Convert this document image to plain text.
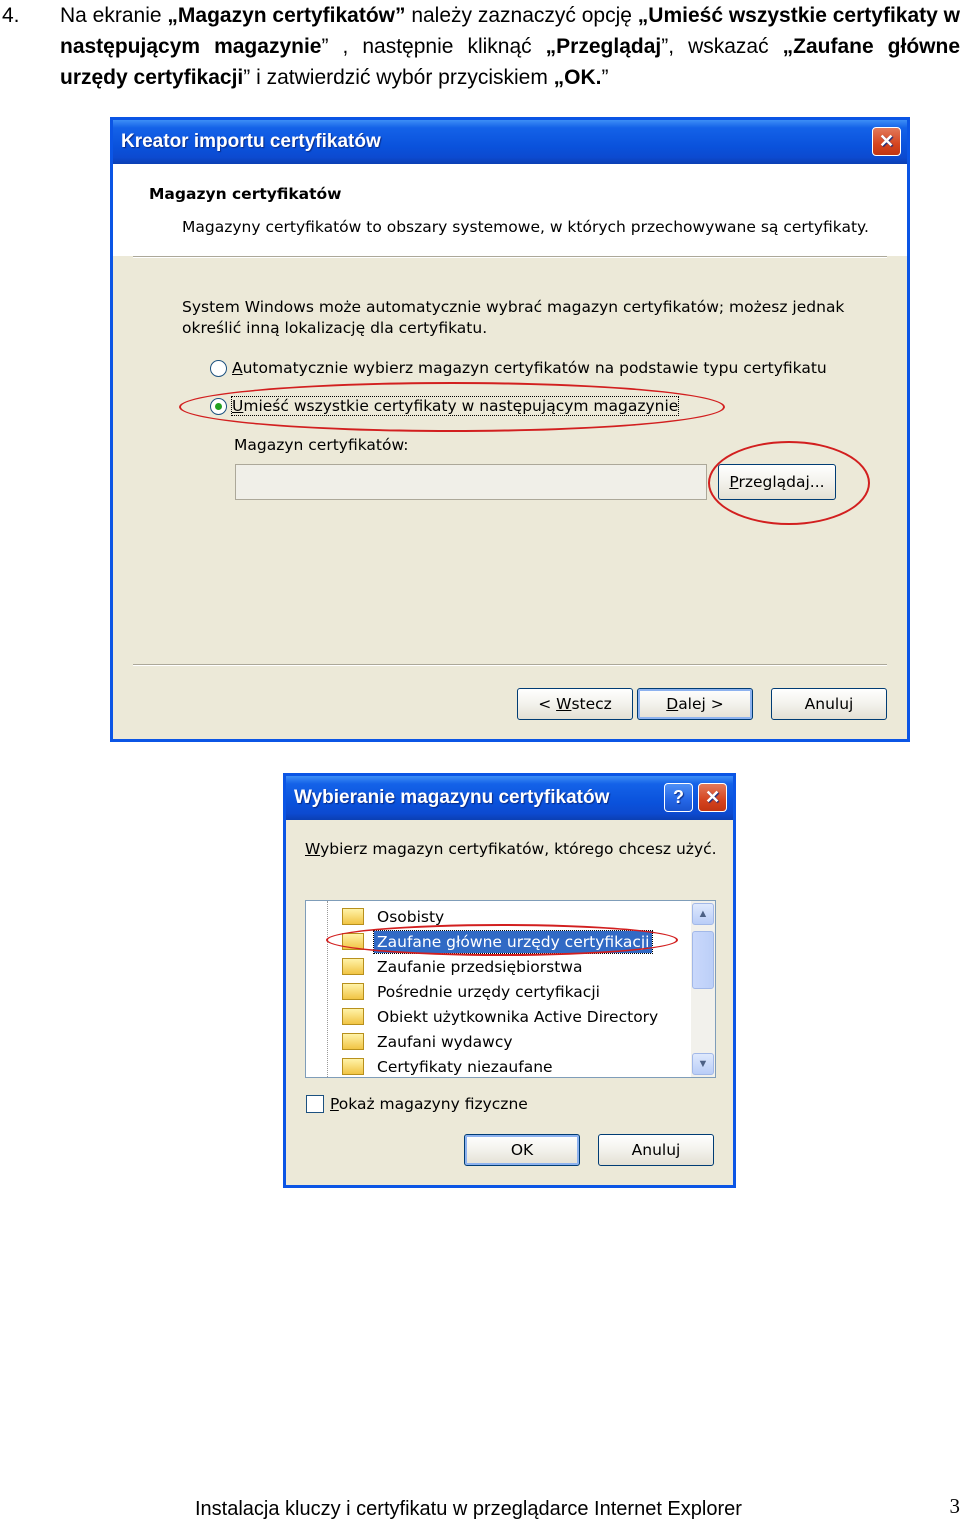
4. Na ekranie „Magazyn certyfikatów” należy zaznaczyć opcję „Umieść wszystkie certyfikaty w następującym magazynie” , następnie kliknąć „Przeglądaj”, wskazać „Zaufane główne urzędy certyfikacji” i zatwierdzić wybór przyciskiem „OK.”

Kreator importu certyfikatów	✕
Magazyn certyfikatów
Magazyny certyfikatów to obszary systemowe, w których przechowywane są certyfikaty.
System Windows może automatycznie wybrać magazyn certyfikatów; możesz jednak
określić inną lokalizację dla certyfikatu.
Automatycznie wybierz magazyn certyfikatów na podstawie typu certyfikatu
Umieść wszystkie certyfikaty w następującym magazynie
Magazyn certyfikatów:
Przeglądaj...
< Wstecz	Dalej >	Anuluj
Wybieranie magazynu certyfikatów	?	✕
Wybierz magazyn certyfikatów, którego chcesz użyć.
Osobisty
Zaufane główne urzędy certyfikacji
Zaufanie przedsiębiorstwa
Pośrednie urzędy certyfikacji
Obiekt użytkownika Active Directory
Zaufani wydawcy
Certyfikaty niezaufane
▲
▼
Pokaż magazyny fizyczne
OK	Anuluj
Instalacja kluczy i certyfikatu w przeglądarce Internet Explorer	3
